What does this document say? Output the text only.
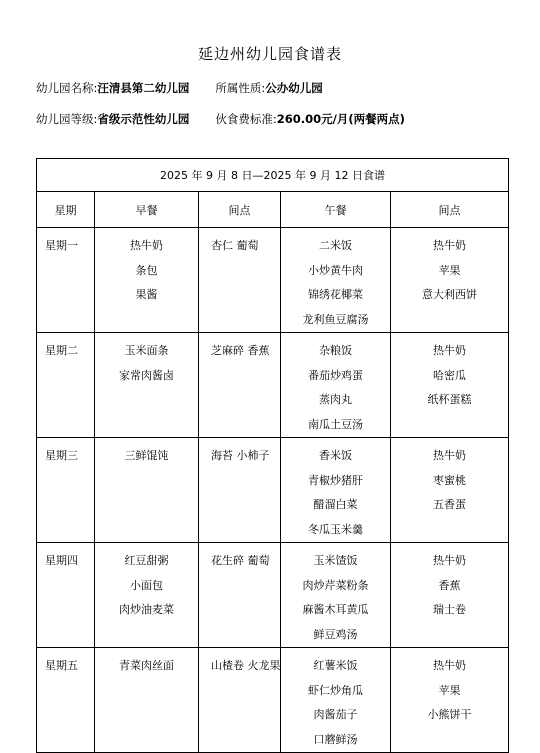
延边州幼儿园食谱表
幼儿园名称:汪清县第二幼儿园 所属性质:公办幼儿园
幼儿园等级:省级示范性幼儿园 伙食费标准:260.00元/月(两餐两点)
2025 年 9 月 8 日—2025 年 9 月 12 日食谱				
星期	早餐	间点	午餐	间点

星期一	热牛奶
条包
果酱	杏仁 葡萄	二米饭
小炒黄牛肉
锦绣花椰菜
龙利鱼豆腐汤	热牛奶
苹果
意大利西饼

星期二	玉米面条
家常肉酱卤	芝麻碎 香蕉	杂粮饭
番茄炒鸡蛋
蒸肉丸
南瓜土豆汤	热牛奶
哈密瓜
纸杯蛋糕

星期三	三鲜馄饨	海苔 小柿子	香米饭
青椒炒猪肝
醋溜白菜
冬瓜玉米羹	热牛奶
枣蜜桃
五香蛋

星期四	红豆甜粥
小面包
肉炒油麦菜	花生碎 葡萄	玉米馇饭
肉炒芹菜粉条
麻酱木耳黄瓜
鲜豆鸡汤	热牛奶
香蕉
瑞士卷

星期五	青菜肉丝面	山楂卷 火龙果	红薯米饭
虾仁炒角瓜
肉酱茄子
口蘑鲜汤	热牛奶
苹果
小熊饼干
